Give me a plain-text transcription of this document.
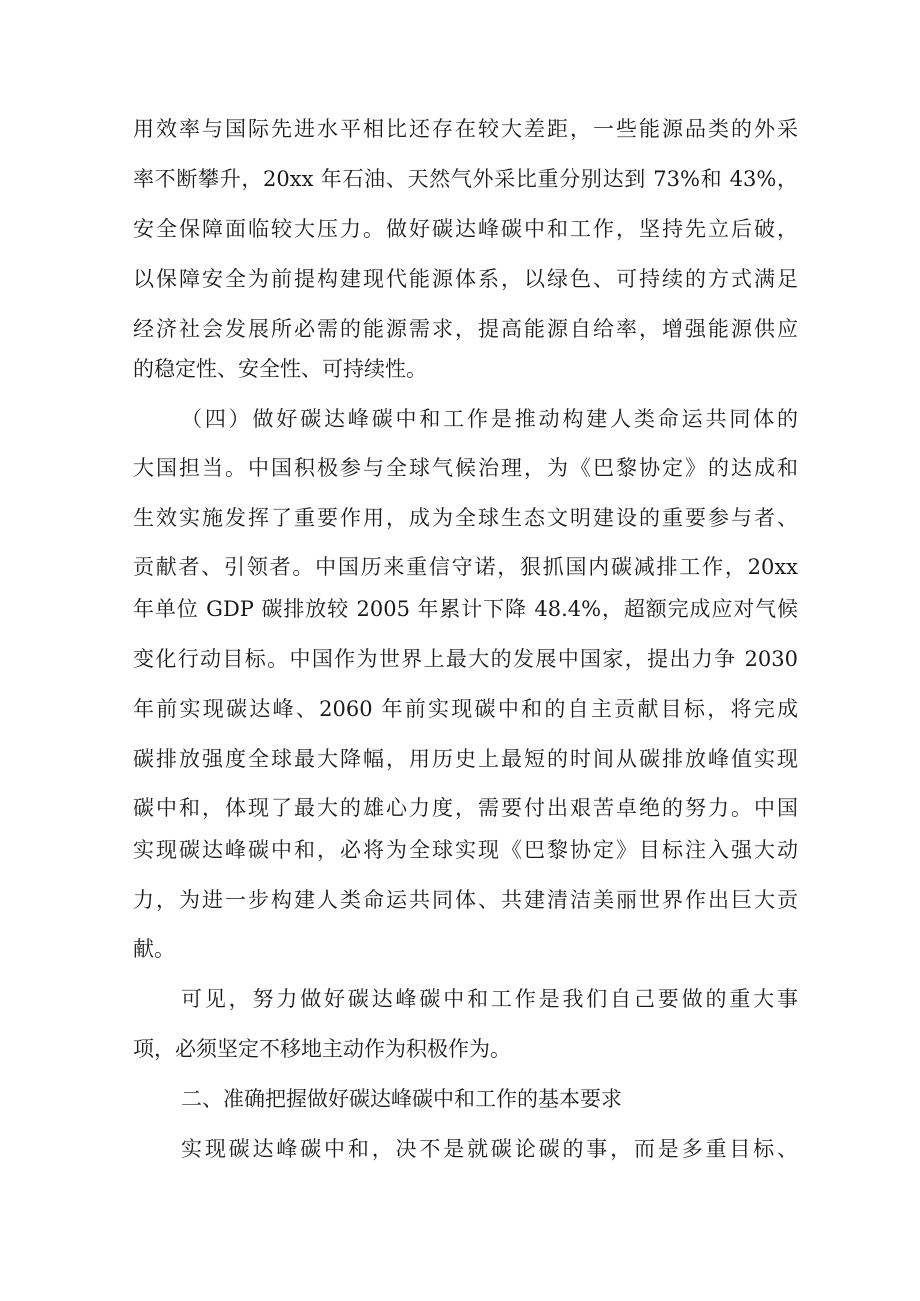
用效率与国际先进水平相比还存在较大差距，一些能源品类的外采
率不断攀升，20xx 年石油、天然气外采比重分别达到 73%和 43%，
安全保障面临较大压力。做好碳达峰碳中和工作，坚持先立后破，
以保障安全为前提构建现代能源体系，以绿色、可持续的方式满足
经济社会发展所必需的能源需求，提高能源自给率，增强能源供应
的稳定性、安全性、可持续性。
（四）做好碳达峰碳中和工作是推动构建人类命运共同体的
大国担当。中国积极参与全球气候治理，为《巴黎协定》的达成和
生效实施发挥了重要作用，成为全球生态文明建设的重要参与者、
贡献者、引领者。中国历来重信守诺，狠抓国内碳减排工作，20xx
年单位 GDP 碳排放较 2005 年累计下降 48.4%，超额完成应对气候
变化行动目标。中国作为世界上最大的发展中国家，提出力争 2030
年前实现碳达峰、2060 年前实现碳中和的自主贡献目标，将完成
碳排放强度全球最大降幅，用历史上最短的时间从碳排放峰值实现
碳中和，体现了最大的雄心力度，需要付出艰苦卓绝的努力。中国
实现碳达峰碳中和，必将为全球实现《巴黎协定》目标注入强大动
力，为进一步构建人类命运共同体、共建清洁美丽世界作出巨大贡
献。
可见，努力做好碳达峰碳中和工作是我们自己要做的重大事
项，必须坚定不移地主动作为积极作为。
二、准确把握做好碳达峰碳中和工作的基本要求
实现碳达峰碳中和，决不是就碳论碳的事，而是多重目标、
